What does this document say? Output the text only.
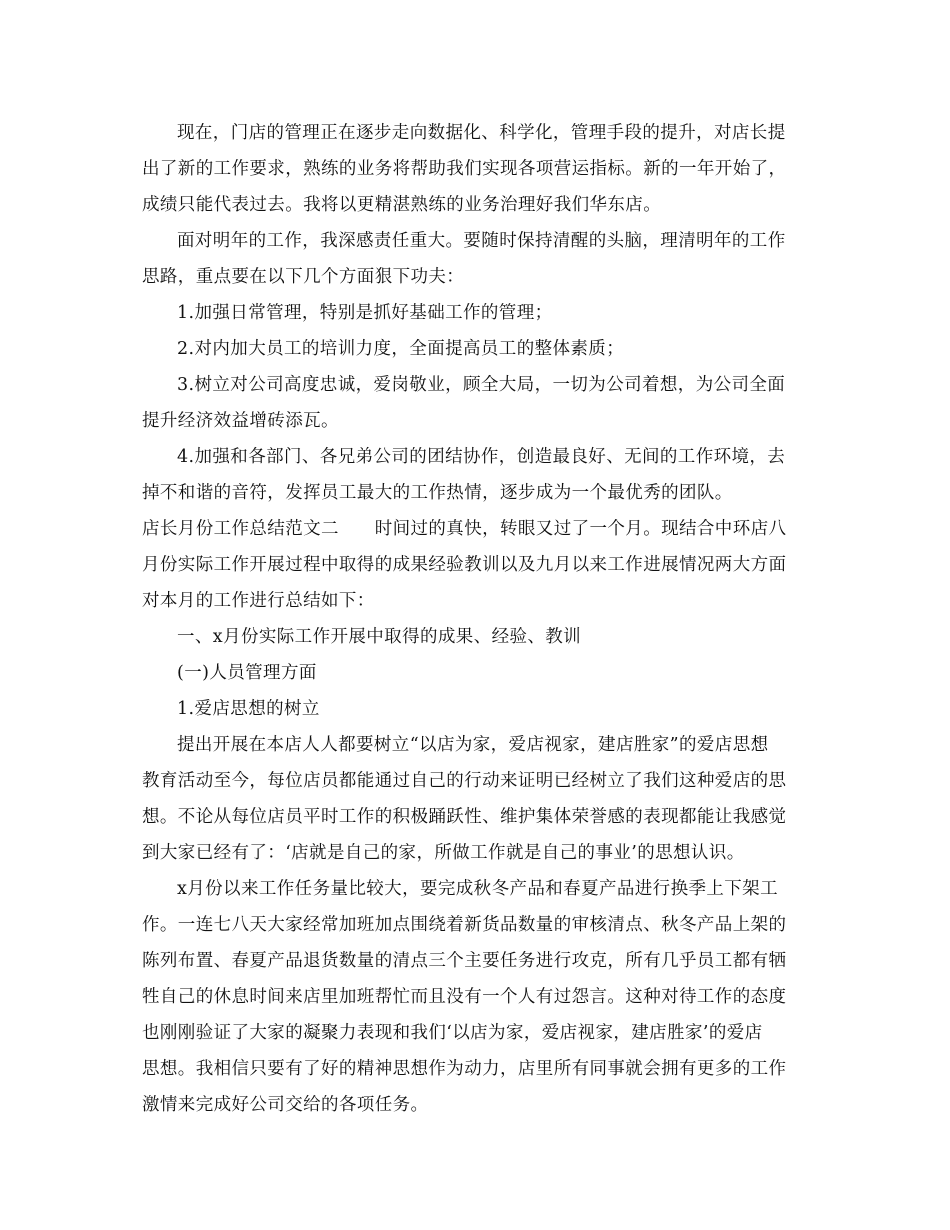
现在，门店的管理正在逐步走向数据化、科学化，管理手段的提升，对店长提
出了新的工作要求，熟练的业务将帮助我们实现各项营运指标。新的一年开始了，
成绩只能代表过去。我将以更精湛熟练的业务治理好我们华东店。
面对明年的工作，我深感责任重大。要随时保持清醒的头脑，理清明年的工作
思路，重点要在以下几个方面狠下功夫：
1.加强日常管理，特别是抓好基础工作的管理；
2.对内加大员工的培训力度，全面提高员工的整体素质；
3.树立对公司高度忠诚，爱岗敬业，顾全大局，一切为公司着想，为公司全面
提升经济效益增砖添瓦。
4.加强和各部门、各兄弟公司的团结协作，创造最良好、无间的工作环境，去
掉不和谐的音符，发挥员工最大的工作热情，逐步成为一个最优秀的团队。
店长月份工作总结范文二　　时间过的真快，转眼又过了一个月。现结合中环店八
月份实际工作开展过程中取得的成果经验教训以及九月以来工作进展情况两大方面
对本月的工作进行总结如下：
一、x月份实际工作开展中取得的成果、经验、教训
(一)人员管理方面
1.爱店思想的树立
提出开展在本店人人都要树立“以店为家，爱店视家，建店胜家”的爱店思想
教育活动至今，每位店员都能通过自己的行动来证明已经树立了我们这种爱店的思
想。不论从每位店员平时工作的积极踊跃性、维护集体荣誉感的表现都能让我感觉
到大家已经有了：‘店就是自己的家，所做工作就是自己的事业’的思想认识。
x月份以来工作任务量比较大，要完成秋冬产品和春夏产品进行换季上下架工
作。一连七八天大家经常加班加点围绕着新货品数量的审核清点、秋冬产品上架的
陈列布置、春夏产品退货数量的清点三个主要任务进行攻克，所有几乎员工都有牺
牲自己的休息时间来店里加班帮忙而且没有一个人有过怨言。这种对待工作的态度
也刚刚验证了大家的凝聚力表现和我们‘以店为家，爱店视家，建店胜家’的爱店
思想。我相信只要有了好的精神思想作为动力，店里所有同事就会拥有更多的工作
激情来完成好公司交给的各项任务。
